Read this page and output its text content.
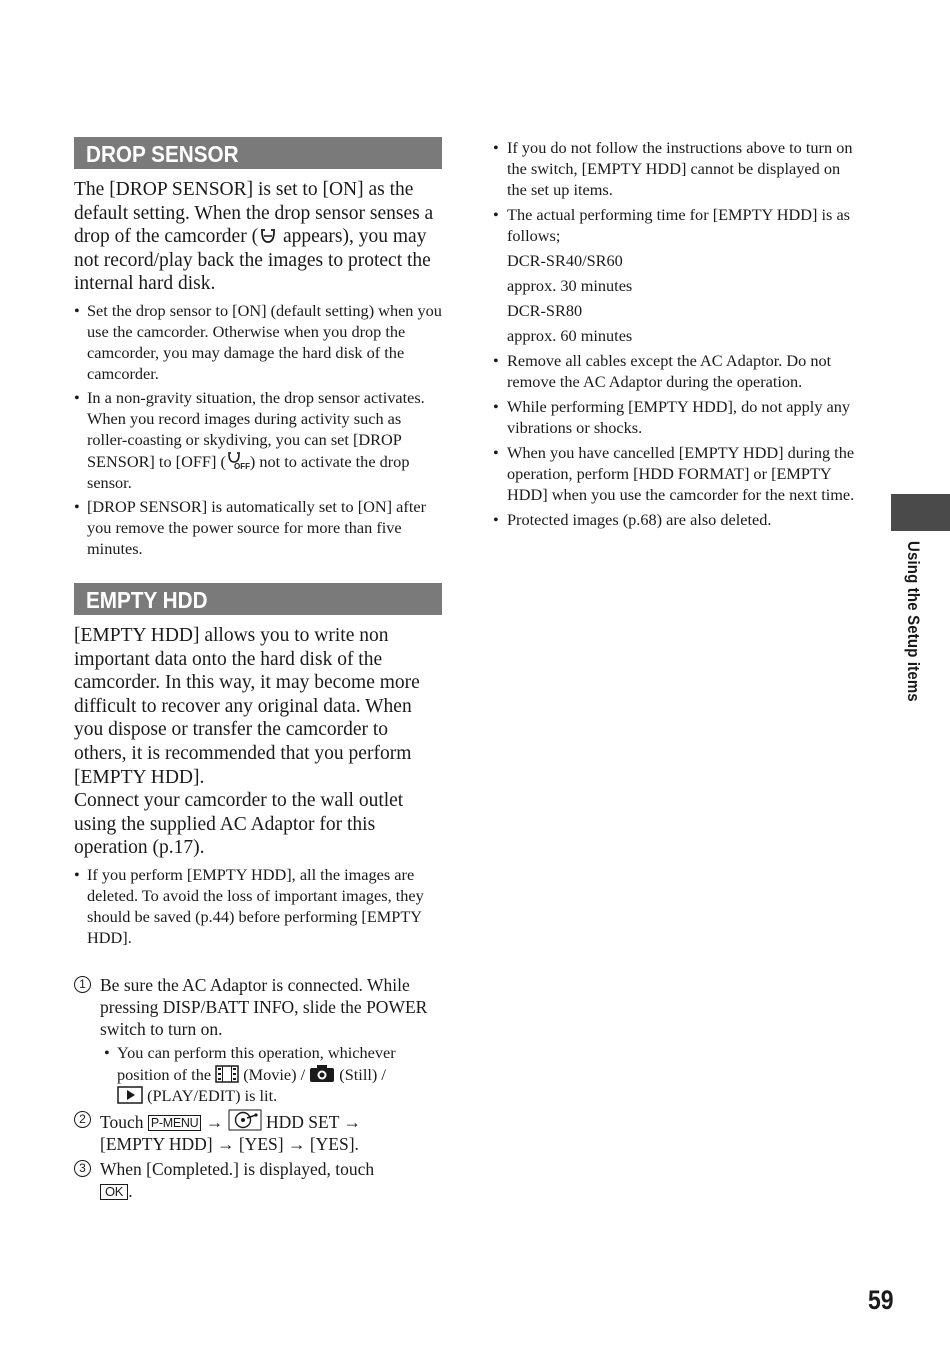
DROP SENSOR

The [DROP SENSOR] is set to [ON] as the default setting. When the drop sensor senses a drop of the camcorder ( appears), you may not record/play back the images to protect the internal hard disk.

• Set the drop sensor to [ON] (default setting) when you use the camcorder. Otherwise when you drop the camcorder, you may damage the hard disk of the camcorder.
• In a non-gravity situation, the drop sensor activates. When you record images during activity such as roller-coasting or skydiving, you can set [DROP SENSOR] to [OFF] ( OFF ) not to activate the drop sensor.
• [DROP SENSOR] is automatically set to [ON] after you remove the power source for more than five minutes.
EMPTY HDD

[EMPTY HDD] allows you to write non important data onto the hard disk of the camcorder. In this way, it may become more difficult to recover any original data. When you dispose or transfer the camcorder to others, it is recommended that you perform [EMPTY HDD].

Connect your camcorder to the wall outlet using the supplied AC Adaptor for this operation (p.17).

• If you perform [EMPTY HDD], all the images are deleted. To avoid the loss of important images, they should be saved (p.44) before performing [EMPTY HDD].
1 Be sure the AC Adaptor is connected. While pressing DISP/BATT INFO, slide the POWER switch to turn on.
• You can perform this operation, whichever position of the  (Movie) /  (Still) /
(PLAY/EDIT) is lit.
2 Touch P-MENU →  HDD SET →
[EMPTY HDD] → [YES] → [YES].
3 When [Completed.] is displayed, touch
OK .
• If you do not follow the instructions above to turn on the switch, [EMPTY HDD] cannot be displayed on the set up items.
• The actual performing time for [EMPTY HDD] is as follows;
DCR-SR40/SR60
approx. 30 minutes
DCR-SR80
approx. 60 minutes
• Remove all cables except the AC Adaptor. Do not remove the AC Adaptor during the operation.
• While performing [EMPTY HDD], do not apply any vibrations or shocks.
• When you have cancelled [EMPTY HDD] during the operation, perform [HDD FORMAT] or [EMPTY HDD] when you use the camcorder for the next time.
• Protected images (p.68) are also deleted.
Using the Setup items
59
